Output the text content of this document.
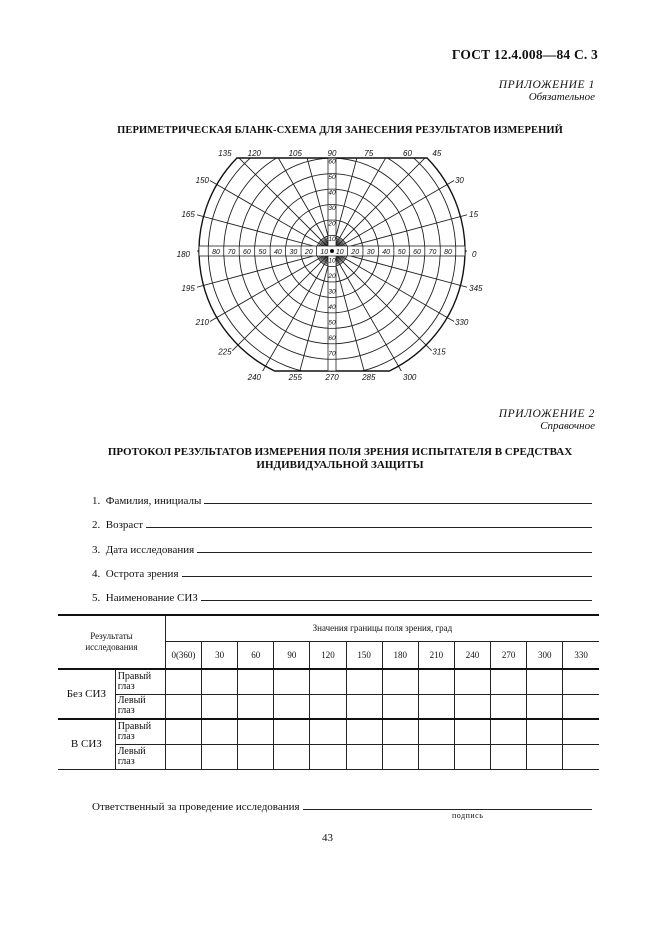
ГОСТ 12.4.008—84 С. 3
ПРИЛОЖЕНИЕ 1
Обязательное
ПЕРИМЕТРИЧЕСКАЯ БЛАНК-СХЕМА ДЛЯ ЗАНЕСЕНИЯ РЕЗУЛЬТАТОВ ИЗМЕРЕНИЙ
10
10	20
20	30
30	40
40	50
50	60
60	70
70	80
80
10
20
30
40
50
60
10
20
30
40
50
60
70
0
15
30
45
60
75
90
105
120
135
150
165
180
195
210
225
240	255	270	285	300
315
330
345
ПРИЛОЖЕНИЕ 2
Справочное
ПРОТОКОЛ РЕЗУЛЬТАТОВ ИЗМЕРЕНИЯ ПОЛЯ ЗРЕНИЯ ИСПЫТАТЕЛЯ В СРЕДСТВАХ
ИНДИВИДУАЛЬНОЙ ЗАЩИТЫ
1.  Фамилия, инициалы
2.  Возраст
3.  Дата исследования
4.  Острота зрения
5.  Наименование СИЗ
Результаты исследования		Значения границы поля зрения, град											
		0(360)	30	60	90	120	150	180	210	240	270	300	330
Без СИЗ	Правый глаз												
	Левый глаз												
В СИЗ	Правый глаз												
	Левый глаз												
Ответственный за проведение исследования
подпись
43
